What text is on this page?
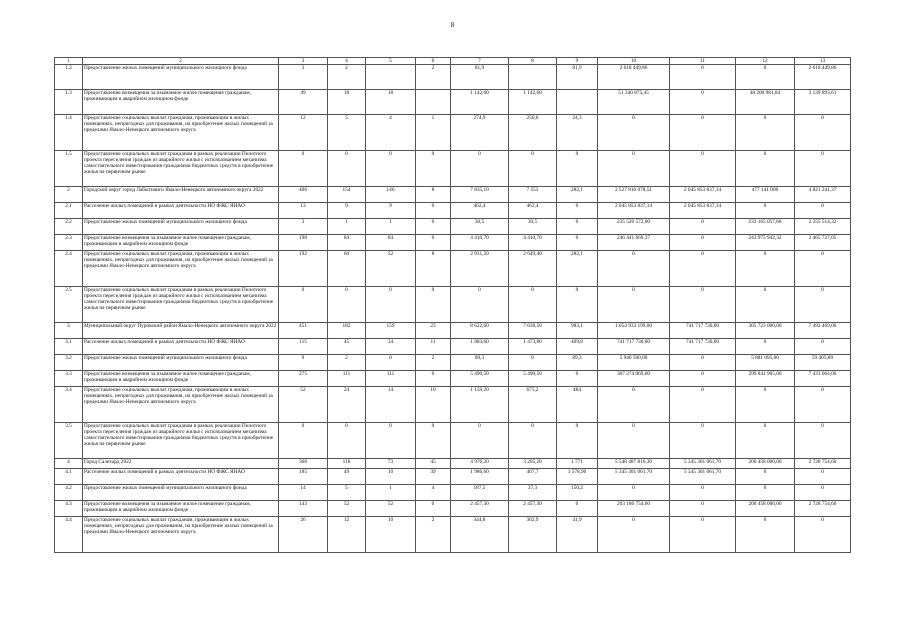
8
1	2	3	4	5	6	7	8	9	10	11	12	13
1.2	Предоставление жилых помещений муниципального жилищного фонда	3	2		2	81,9		81,9	2 618 449,86	0	0	2 618 449,86
1.3	Предоставление возмещения за изымаемое жилое помещение гражданам, проживающим в аварийном жилищном фонде	49	18	18		1 142,60	1 142,60		51 340 875,45	0	48 200 981,84	3 139 893,61
1.4	Предоставление социальных выплат гражданам, проживающим в жилых помещениях, непригодных для проживания, на приобретение жилых помещений за пределами Ямало-Ненецкого автономного округа	12	5	4	1	274,9	250,6	24,3	0	0	0	0
1.5	Предоставление социальных выплат гражданам в рамках реализации Пилотного проекта переселения граждан из аварийного жилья с использованием механизма самостоятельного инвестирования гражданами бюджетных средств в приобретение жилья на первичном рынке	0	0	0	0	0	0	0	0	0	0	0
2	Городской округ город Лабытнанги Ямало-Ненецкого автономного округа 2022	406	154	146	8	7 835,10	7 553	282,1	2 527 816 078,51	2 045 853 837,14	477 141 000	4 821 241,37
2.1	Расселение жилых помещений в рамках деятельности НО ФЖС ЯНАО	13	9	9	0	462,4	462,4	0	2 045 853 837,14	2 045 853 837,14	0	0
2.2	Предоставление жилых помещений муниципального жилищного фонда	3	1	1	0	30,5	30,5	0	235 520 572,00	0	233 165 057,68	2 355 514,32
2.3	Предоставление возмещения за изымаемое жилое помещение гражданам, проживающим в аварийном жилищном фонде	198	84	84	0	4 410,70	4 410,70	0	246 441 669,37	0	243 975 942,32	2 465 727,05
2.4	Предоставление социальных выплат гражданам, проживающим в жилых помещениях, непригодных для проживания, на приобретение жилых помещений за пределами Ямало-Ненецкого автономного округа	192	60	52	8	2 931,50	2 649,40	282,1	0	0	0	0
2.5	Предоставление социальных выплат гражданам в рамках реализации Пилотного проекта переселения граждан из аварийного жилья с использованием механизма самостоятельного инвестирования гражданами бюджетных средств в приобретение жилья на первичном рынке	0	0	0	0	0	0	0	0	0	0	0
3	Муниципальный округ Пуровский район Ямало-Ненецкого автономного округа 2022	451	182	159	23	8 622,60	7 638,50	983,1	1 054 933 199,00	741 717 730,00	305 723 000,00	7 492 469,00
3.1	Расселение жилых помещений в рамках деятельности НО ФЖС ЯНАО	115	45	34	11	1 883,60	1 473,80	409,8	741 717 730,00	741 717 730,00	0	0
3.2	Предоставление жилых помещений муниципального жилищного фонда	9	2	0	2	89,3	0	89,3	5 940 500,00	0	5 881 095,00	59 405,00
3.3	Предоставление возмещения за изымаемое жилое помещение гражданам, проживающим в аварийном жилищном фонде	275	111	111	0	5 490,50	5 490,50	0	307 274 969,00	0	299 841 905,00	7 433 064,00
3.4	Предоставление социальных выплат гражданам, проживающим в жилых помещениях, непригодных для проживания, на приобретение жилых помещений за пределами Ямало-Ненецкого автономного округа	52	24	14	10	1 159,20	675,2	484	0	0	0	0
3.5	Предоставление социальных выплат гражданам в рамках реализации Пилотного проекта переселения граждан из аварийного жилья с использованием механизма самостоятельного инвестирования гражданами бюджетных средств в приобретение жилья на первичном рынке	0	0	0	0	0	0	0	0	0	0	0
4	Город Салехард 2022	368	118	73	45	4 976,20	3 205,20	1 771	5 548 487 816,30	5 345 301 061,70	200 458 000,00	2 728 754,60
4.1	Расселение жилых помещений в рамках деятельности НО ФЖС ЯНАО	185	49	10	39	1 986,60	407,7	1 578,90	5 345 301 061,70	5 345 301 061,70	0	0
4.2	Предоставление жилых помещений муниципального жилищного фонда	14	5	1	4	187,5	37,3	150,2	0	0	0	0
4.3	Предоставление возмещения за изымаемое жилое помещение гражданам, проживающим в аварийном жилищном фонде	143	52	52	0	2 457,30	2 457,30	0	203 186 754,60	0	200 458 000,00	2 728 754,60
4.4	Предоставление социальных выплат гражданам, проживающим в жилых помещениях, непригодных для проживания, на приобретение жилых помещений за пределами Ямало-Ненецкого автономного округа	26	12	10	2	344,8	302,9	41,9	0	0	0	0
